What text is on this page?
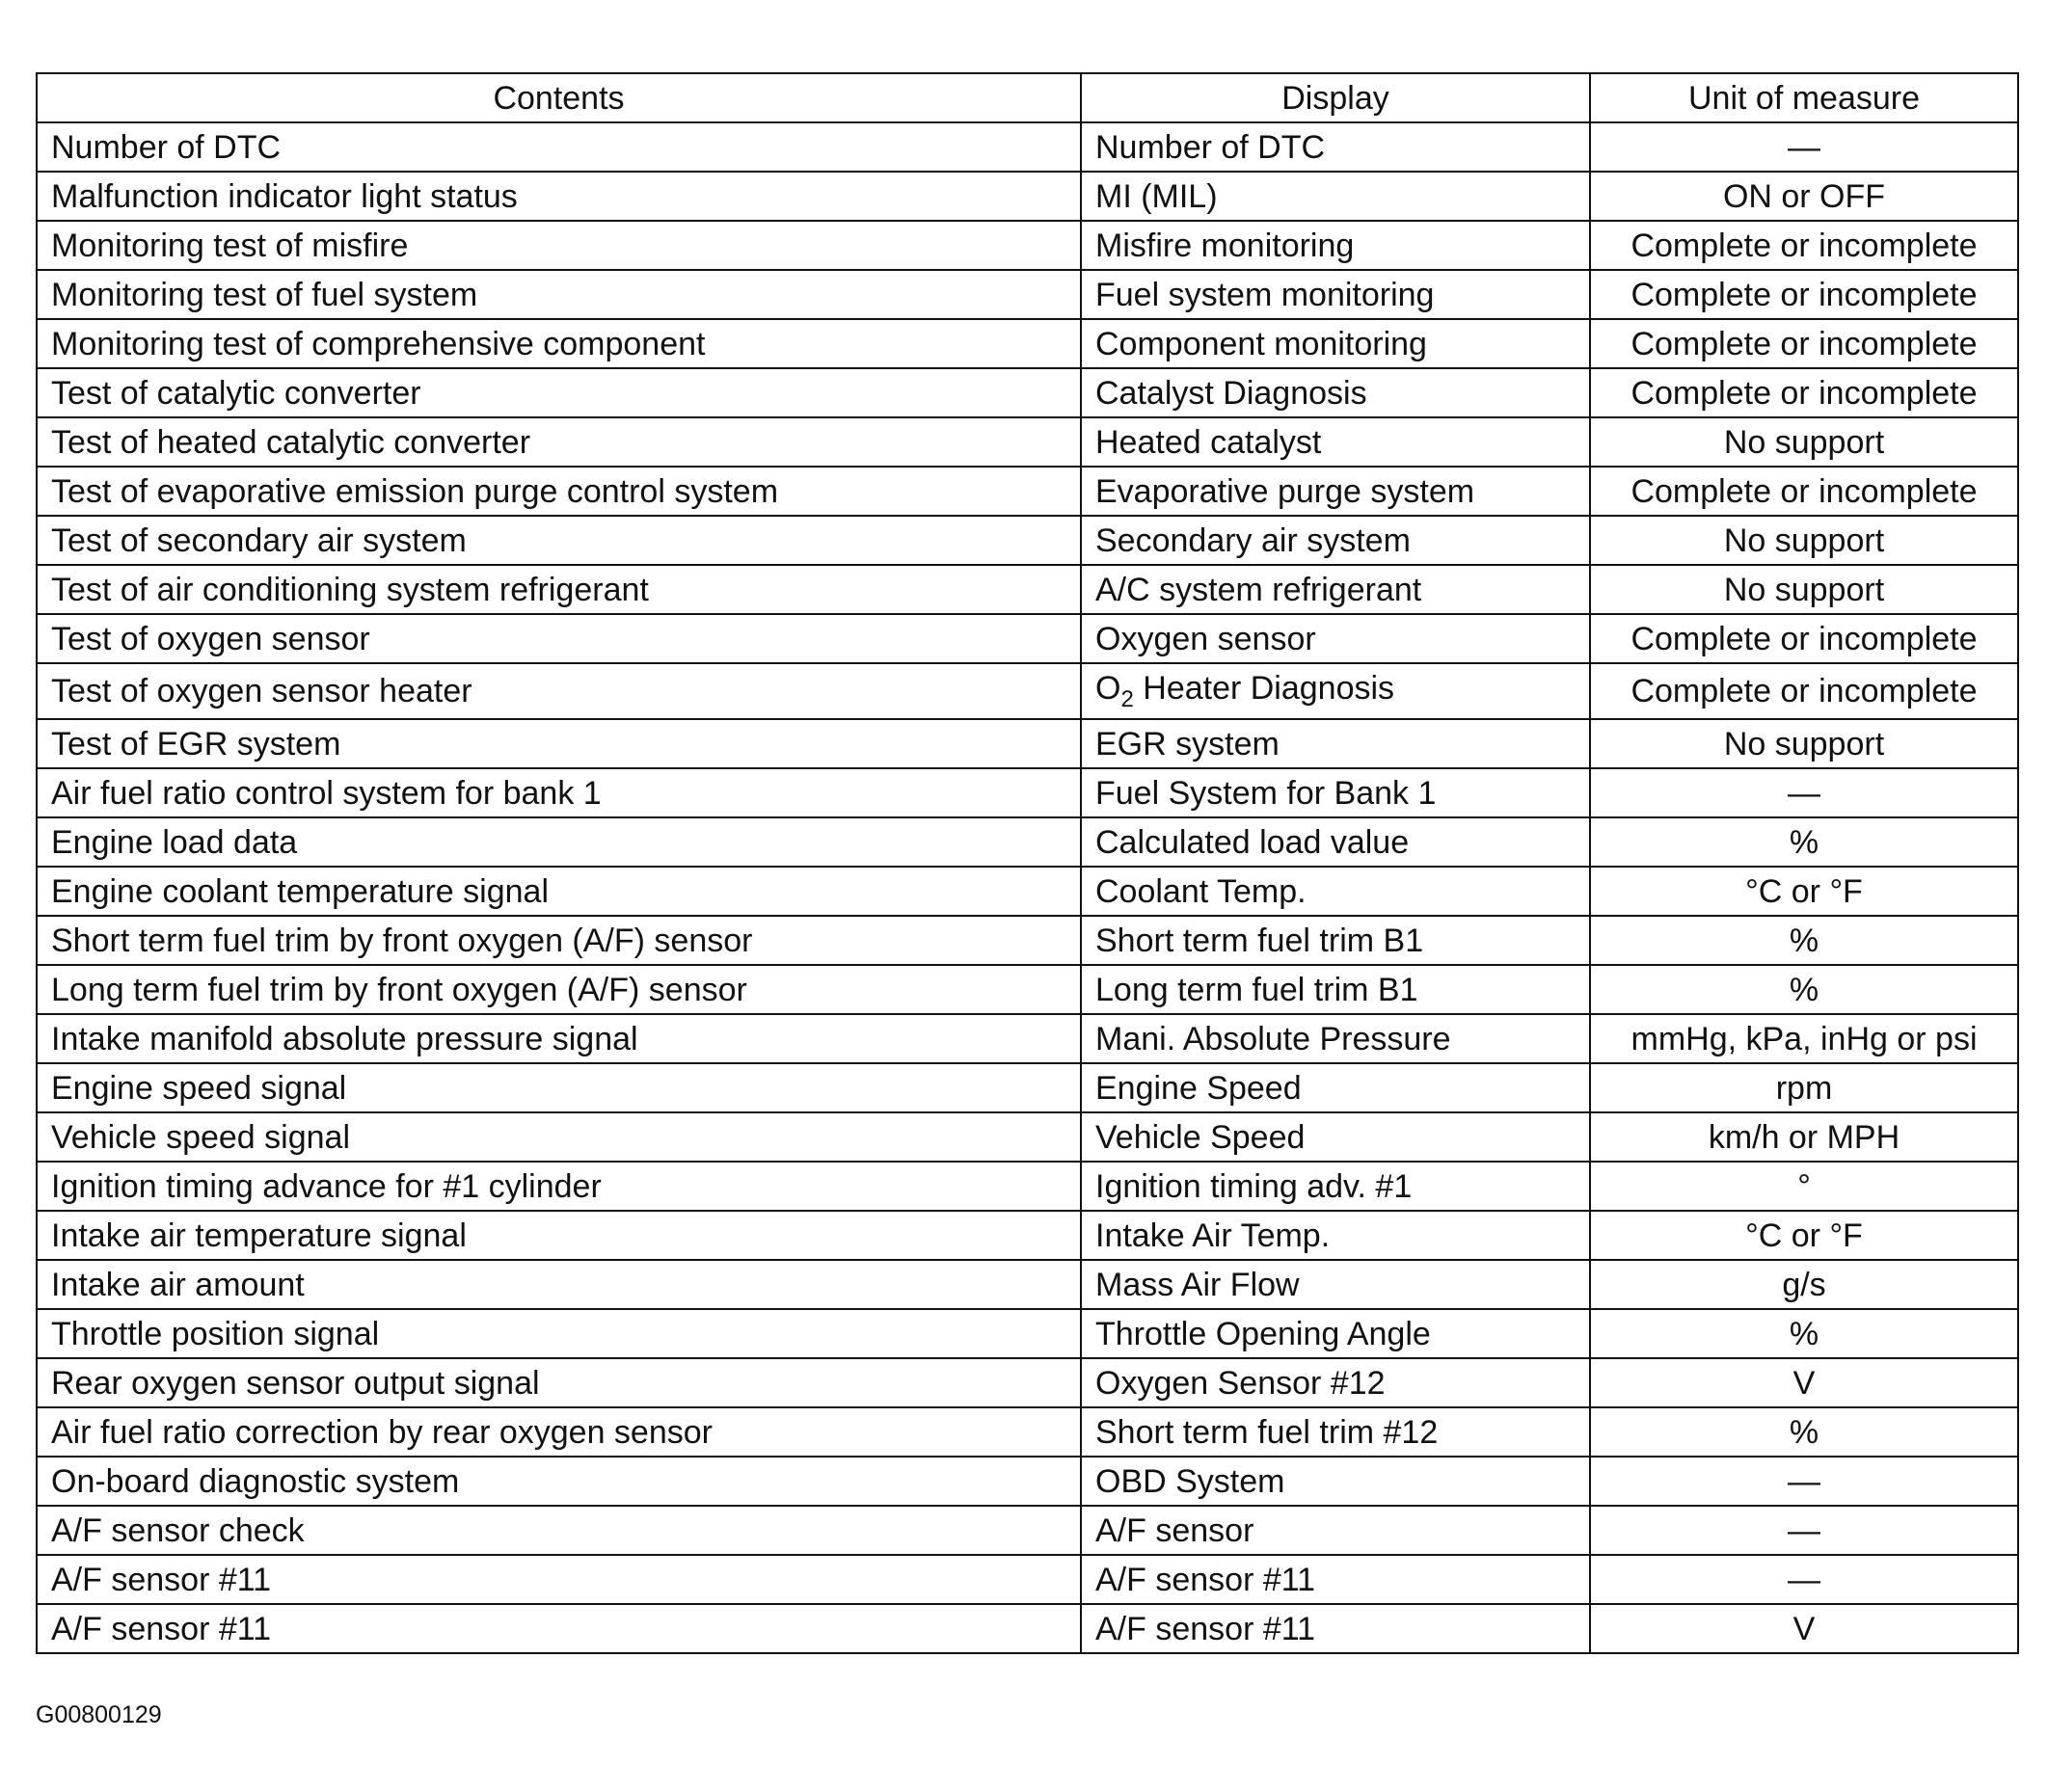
Contents	Display	Unit of measure
Number of DTC	Number of DTC	—
Malfunction indicator light status	MI (MIL)	ON or OFF
Monitoring test of misfire	Misfire monitoring	Complete or incomplete
Monitoring test of fuel system	Fuel system monitoring	Complete or incomplete
Monitoring test of comprehensive component	Component monitoring	Complete or incomplete
Test of catalytic converter	Catalyst Diagnosis	Complete or incomplete
Test of heated catalytic converter	Heated catalyst	No support
Test of evaporative emission purge control system	Evaporative purge system	Complete or incomplete
Test of secondary air system	Secondary air system	No support
Test of air conditioning system refrigerant	A/C system refrigerant	No support
Test of oxygen sensor	Oxygen sensor	Complete or incomplete
Test of oxygen sensor heater	$O_2$ Heater Diagnosis	Complete or incomplete
Test of EGR system	EGR system	No support
Air fuel ratio control system for bank 1	Fuel System for Bank 1	—
Engine load data	Calculated load value	%
Engine coolant temperature signal	Coolant Temp.	°C or °F
Short term fuel trim by front oxygen (A/F) sensor	Short term fuel trim B1	%
Long term fuel trim by front oxygen (A/F) sensor	Long term fuel trim B1	%
Intake manifold absolute pressure signal	Mani. Absolute Pressure	mmHg, kPa, inHg or psi
Engine speed signal	Engine Speed	rpm
Vehicle speed signal	Vehicle Speed	km/h or MPH
Ignition timing advance for #1 cylinder	Ignition timing adv. #1	°
Intake air temperature signal	Intake Air Temp.	°C or °F
Intake air amount	Mass Air Flow	g/s
Throttle position signal	Throttle Opening Angle	%
Rear oxygen sensor output signal	Oxygen Sensor #12	V
Air fuel ratio correction by rear oxygen sensor	Short term fuel trim #12	%
On-board diagnostic system	OBD System	—
A/F sensor check	A/F sensor	—
A/F sensor #11	A/F sensor #11	—
A/F sensor #11	A/F sensor #11	V
G00800129
